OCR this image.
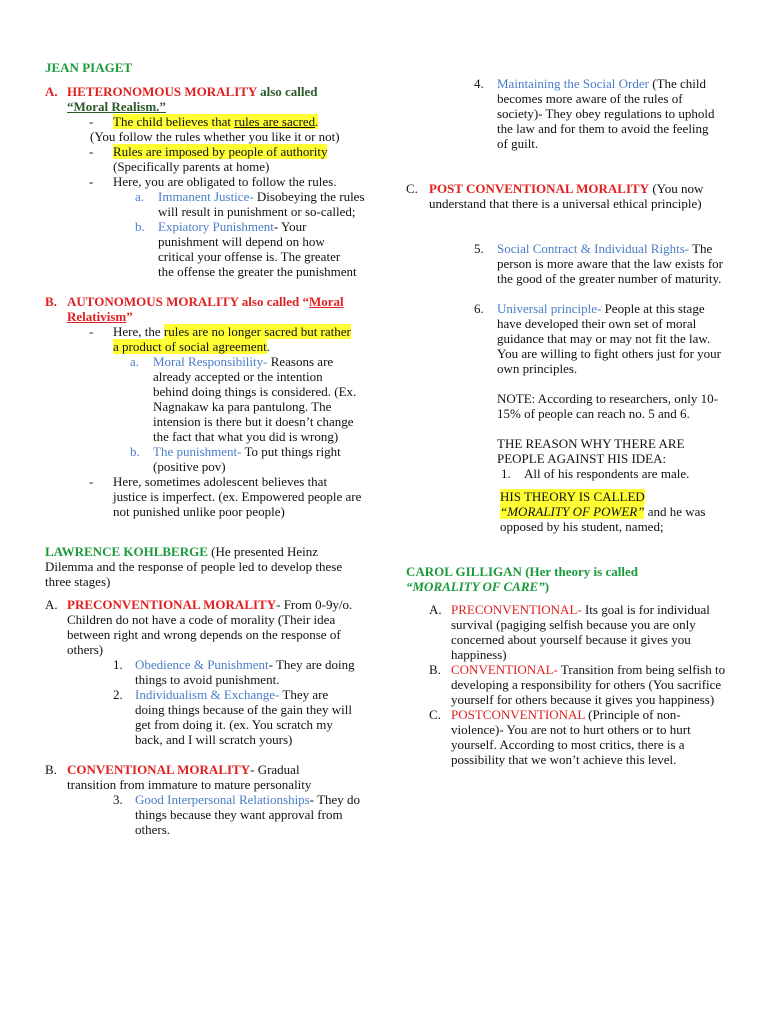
JEAN PIAGET

A. HETERONOMOUS MORALITY also called
“Moral Realism.”
- The child believes that rules are sacred.
(You follow the rules whether you like it or not)
- Rules are imposed by people of authority
(Specifically parents at home)
- Here, you are obligated to follow the rules.
a. Immanent Justice- Disobeying the rules will result in punishment or so-called;
b. Expiatory Punishment- Your punishment will depend on how critical your offense is. The greater the offense the greater the punishment
B. AUTONOMOUS MORALITY also called “Moral Relativism”
- Here, the rules are no longer sacred but rather a product of social agreement.
a. Moral Responsibility- Reasons are already accepted or the intention behind doing things is considered. (Ex. Nagnakaw ka para pantulong. The intension is there but it doesn’t change the fact that what you did is wrong)
b. The punishment- To put things right (positive pov)
- Here, sometimes adolescent believes that justice is imperfect. (ex. Empowered people are not punished unlike poor people)
LAWRENCE KOHLBERGE (He presented Heinz Dilemma and the response of people led to develop these three stages)
A. PRECONVENTIONAL MORALITY- From 0-9y/o. Children do not have a code of morality (Their idea between right and wrong depends on the response of others)
1. Obedience & Punishment- They are doing things to avoid punishment.
2. Individualism & Exchange- They are doing things because of the gain they will get from doing it. (ex. You scratch my back, and I will scratch yours)
B. CONVENTIONAL MORALITY- Gradual transition from immature to mature personality
3. Good Interpersonal Relationships- They do things because they want approval from others.
4. Maintaining the Social Order (The child becomes more aware of the rules of society)- They obey regulations to uphold the law and for them to avoid the feeling of guilt.
C. POST CONVENTIONAL MORALITY (You now understand that there is a universal ethical principle)
5. Social Contract & Individual Rights- The person is more aware that the law exists for the good of the greater number of maturity.
6. Universal principle- People at this stage have developed their own set of moral guidance that may or may not fit the law. You are willing to fight others just for your own principles.
NOTE: According to researchers, only 10-15% of people can reach no. 5 and 6.
THE REASON WHY THERE ARE PEOPLE AGAINST HIS IDEA:
1. All of his respondents are male.
HIS THEORY IS CALLED
“MORALITY OF POWER” and he was opposed by his student, named;
CAROL GILLIGAN (Her theory is called
“MORALITY OF CARE”)
A. PRECONVENTIONAL- Its goal is for individual survival (pagiging selfish because you are only concerned about yourself because it gives you happiness)
B. CONVENTIONAL- Transition from being selfish to developing a responsibility for others (You sacrifice yourself for others because it gives you happiness)
C. POSTCONVENTIONAL (Principle of non-violence)- You are not to hurt others or to hurt yourself. According to most critics, there is a possibility that we won’t achieve this level.
